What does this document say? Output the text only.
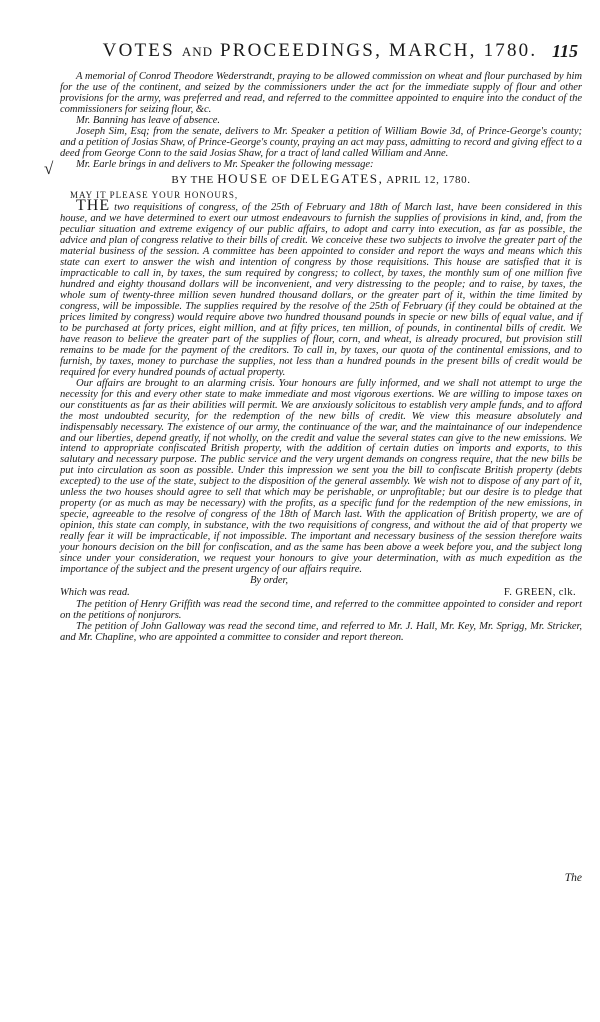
VOTES AND PROCEEDINGS, MARCH, 1780. 115

A memorial of Conrod Theodore Wederstrandt, praying to be allowed commission on wheat and flour purchased by him for the use of the continent, and seized by the commissioners under the act for the immediate supply of flour and other provisions for the army, was preferred and read, and referred to the committee appointed to enquire into the conduct of the commissioners for seizing flour, &c.

Mr. Banning has leave of absence.

Joseph Sim, Esq; from the senate, delivers to Mr. Speaker a petition of William Bowie 3d, of Prince-George's county; and a petition of Josias Shaw, of Prince-George's county, praying an act may pass, admitting to record and giving effect to a deed from George Conn to the said Josias Shaw, for a tract of land called William and Anne.

Mr. Earle brings in and delivers to Mr. Speaker the following message:

√
BY THE HOUSE OF DELEGATES, APRIL 12, 1780.
MAY IT PLEASE YOUR HONOURS,

THE two requisitions of congress, of the 25th of February and 18th of March last, have been considered in this house, and we have determined to exert our utmost endeavours to furnish the supplies of provisions in kind, and, from the peculiar situation and extreme exigency of our public affairs, to adopt and carry into execution, as far as possible, the advice and plan of congress relative to their bills of credit. We conceive these two subjects to involve the greater part of the material business of the session. A committee has been appointed to consider and report the ways and means which this state can exert to answer the wish and intention of congress by those requisitions. This house are satisfied that it is impracticable to call in, by taxes, the sum required by congress; to collect, by taxes, the monthly sum of one million five hundred and eighty thousand dollars will be inconvenient, and very distressing to the people; and to raise, by taxes, the whole sum of twenty-three million seven hundred thousand dollars, or the greater part of it, within the time limited by congress, will be impossible. The supplies required by the resolve of the 25th of February (if they could be obtained at the prices limited by congress) would require above two hundred thousand pounds in specie or new bills of equal value, and if to be purchased at forty prices, eight million, and at fifty prices, ten million, of pounds, in continental bills of credit. We have reason to believe the greater part of the supplies of flour, corn, and wheat, is already procured, but provision still remains to be made for the payment of the creditors. To call in, by taxes, our quota of the continental emissions, and to furnish, by taxes, money to purchase the supplies, not less than a hundred pounds in the present bills of credit would be required for every hundred pounds of actual property.

Our affairs are brought to an alarming crisis. Your honours are fully informed, and we shall not attempt to urge the necessity for this and every other state to make immediate and most vigorous exertions. We are willing to impose taxes on our constituents as far as their abilities will permit. We are anxiously solicitous to establish very ample funds, and to afford the most undoubted security, for the redemption of the new bills of credit. We view this measure absolutely and indispensably necessary. The existence of our army, the continuance of the war, and the maintainance of our independence and our liberties, depend greatly, if not wholly, on the credit and value the several states can give to the new emissions. We intend to appropriate confiscated British property, with the addition of certain duties on imports and exports, to this salutary and necessary purpose. The public service and the very urgent demands on congress require, that the new bills be put into circulation as soon as possible. Under this impression we sent you the bill to confiscate British property (debts excepted) to the use of the state, subject to the disposition of the general assembly. We wish not to dispose of any part of it, unless the two houses should agree to sell that which may be perishable, or unprofitable; but our desire is to pledge that property (or as much as may be necessary) with the profits, as a specific fund for the redemption of the new emissions, in specie, agreeable to the resolve of congress of the 18th of March last. With the application of British property, we are of opinion, this state can comply, in substance, with the two requisitions of congress, and without the aid of that property we really fear it will be impracticable, if not impossible. The important and necessary business of the session therefore waits your honours decision on the bill for confiscation, and as the same has been above a week before you, and the subject long since under your consideration, we request your honours to give your determination, with as much expedition as the importance of the subject and the present urgency of our affairs require.

By order,
Which was read.	F. GREEN, clk.

The petition of Henry Griffith was read the second time, and referred to the committee appointed to consider and report on the petitions of nonjurors.

The petition of John Galloway was read the second time, and referred to Mr. J. Hall, Mr. Key, Mr. Sprigg, Mr. Stricker, and Mr. Chapline, who are appointed a committee to consider and report thereon.

The
